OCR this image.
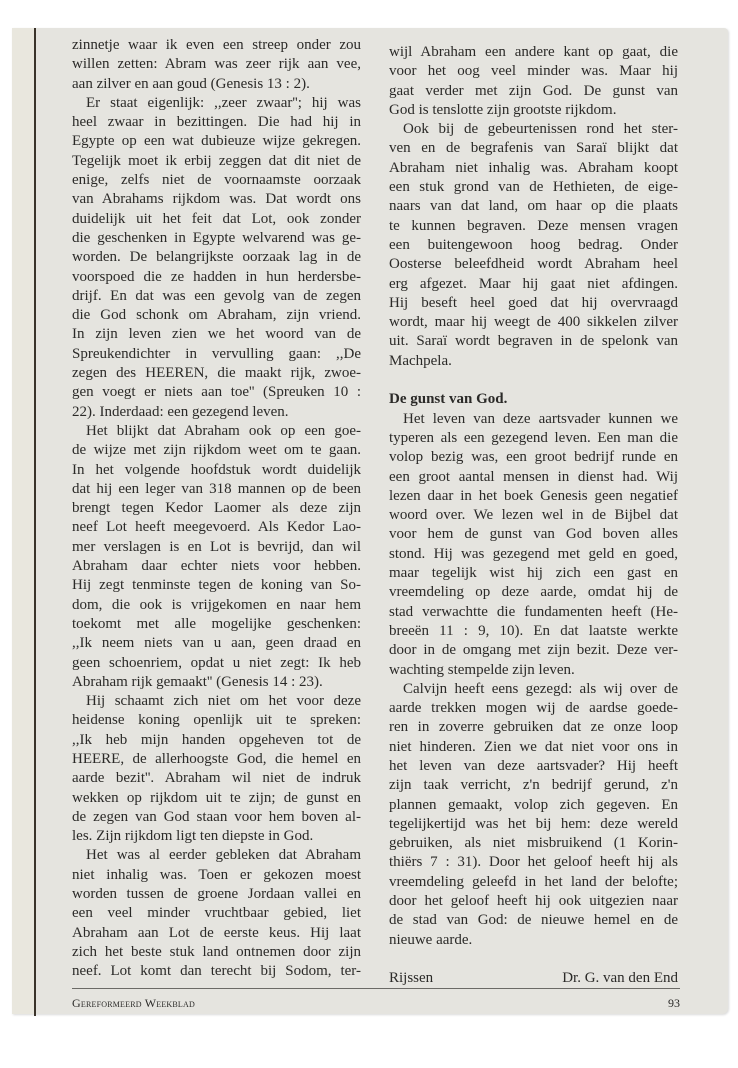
zinnetje waar ik even een streep onder zou
willen zetten: Abram was zeer rijk aan vee,
aan zilver en aan goud (Genesis 13 : 2).
Er staat eigenlijk: ,,zeer zwaar''; hij was
heel zwaar in bezittingen. Die had hij in
Egypte op een wat dubieuze wijze gekregen.
Tegelijk moet ik erbij zeggen dat dit niet de
enige, zelfs niet de voornaamste oorzaak
van Abrahams rijkdom was. Dat wordt ons
duidelijk uit het feit dat Lot, ook zonder
die geschenken in Egypte welvarend was ge-
worden. De belangrijkste oorzaak lag in de
voorspoed die ze hadden in hun herdersbe-
drijf. En dat was een gevolg van de zegen
die God schonk om Abraham, zijn vriend.
In zijn leven zien we het woord van de
Spreukendichter in vervulling gaan: ,,De
zegen des HEEREN, die maakt rijk, zwoe-
gen voegt er niets aan toe'' (Spreuken 10 :
22). Inderdaad: een gezegend leven.
Het blijkt dat Abraham ook op een goe-
de wijze met zijn rijkdom weet om te gaan.
In het volgende hoofdstuk wordt duidelijk
dat hij een leger van 318 mannen op de been
brengt tegen Kedor Laomer als deze zijn
neef Lot heeft meegevoerd. Als Kedor Lao-
mer verslagen is en Lot is bevrijd, dan wil
Abraham daar echter niets voor hebben.
Hij zegt tenminste tegen de koning van So-
dom, die ook is vrijgekomen en naar hem
toekomt met alle mogelijke geschenken:
,,Ik neem niets van u aan, geen draad en
geen schoenriem, opdat u niet zegt: Ik heb
Abraham rijk gemaakt'' (Genesis 14 : 23).
Hij schaamt zich niet om het voor deze
heidense koning openlijk uit te spreken:
,,Ik heb mijn handen opgeheven tot de
HEERE, de allerhoogste God, die hemel en
aarde bezit''. Abraham wil niet de indruk
wekken op rijkdom uit te zijn; de gunst en
de zegen van God staan voor hem boven al-
les. Zijn rijkdom ligt ten diepste in God.
Het was al eerder gebleken dat Abraham
niet inhalig was. Toen er gekozen moest
worden tussen de groene Jordaan vallei en
een veel minder vruchtbaar gebied, liet
Abraham aan Lot de eerste keus. Hij laat
zich het beste stuk land ontnemen door zijn
neef. Lot komt dan terecht bij Sodom, ter-
wijl Abraham een andere kant op gaat, die
voor het oog veel minder was. Maar hij
gaat verder met zijn God. De gunst van
God is tenslotte zijn grootste rijkdom.
Ook bij de gebeurtenissen rond het ster-
ven en de begrafenis van Saraï blijkt dat
Abraham niet inhalig was. Abraham koopt
een stuk grond van de Hethieten, de eige-
naars van dat land, om haar op die plaats
te kunnen begraven. Deze mensen vragen
een buitengewoon hoog bedrag. Onder
Oosterse beleefdheid wordt Abraham heel
erg afgezet. Maar hij gaat niet afdingen.
Hij beseft heel goed dat hij overvraagd
wordt, maar hij weegt de 400 sikkelen zilver
uit. Saraï wordt begraven in de spelonk van
Machpela.
De gunst van God.
Het leven van deze aartsvader kunnen we
typeren als een gezegend leven. Een man die
volop bezig was, een groot bedrijf runde en
een groot aantal mensen in dienst had. Wij
lezen daar in het boek Genesis geen negatief
woord over. We lezen wel in de Bijbel dat
voor hem de gunst van God boven alles
stond. Hij was gezegend met geld en goed,
maar tegelijk wist hij zich een gast en
vreemdeling op deze aarde, omdat hij de
stad verwachtte die fundamenten heeft (He-
breeën 11 : 9, 10). En dat laatste werkte
door in de omgang met zijn bezit. Deze ver-
wachting stempelde zijn leven.
Calvijn heeft eens gezegd: als wij over de
aarde trekken mogen wij de aardse goede-
ren in zoverre gebruiken dat ze onze loop
niet hinderen. Zien we dat niet voor ons in
het leven van deze aartsvader? Hij heeft
zijn taak verricht, z'n bedrijf gerund, z'n
plannen gemaakt, volop zich gegeven. En
tegelijkertijd was het bij hem: deze wereld
gebruiken, als niet misbruikend (1 Korin-
thiërs 7 : 31). Door het geloof heeft hij als
vreemdeling geleefd in het land der belofte;
door het geloof heeft hij ook uitgezien naar
de stad van God: de nieuwe hemel en de
nieuwe aarde.
Rijssen	Dr. G. van den End
Gereformeerd Weekblad	93
